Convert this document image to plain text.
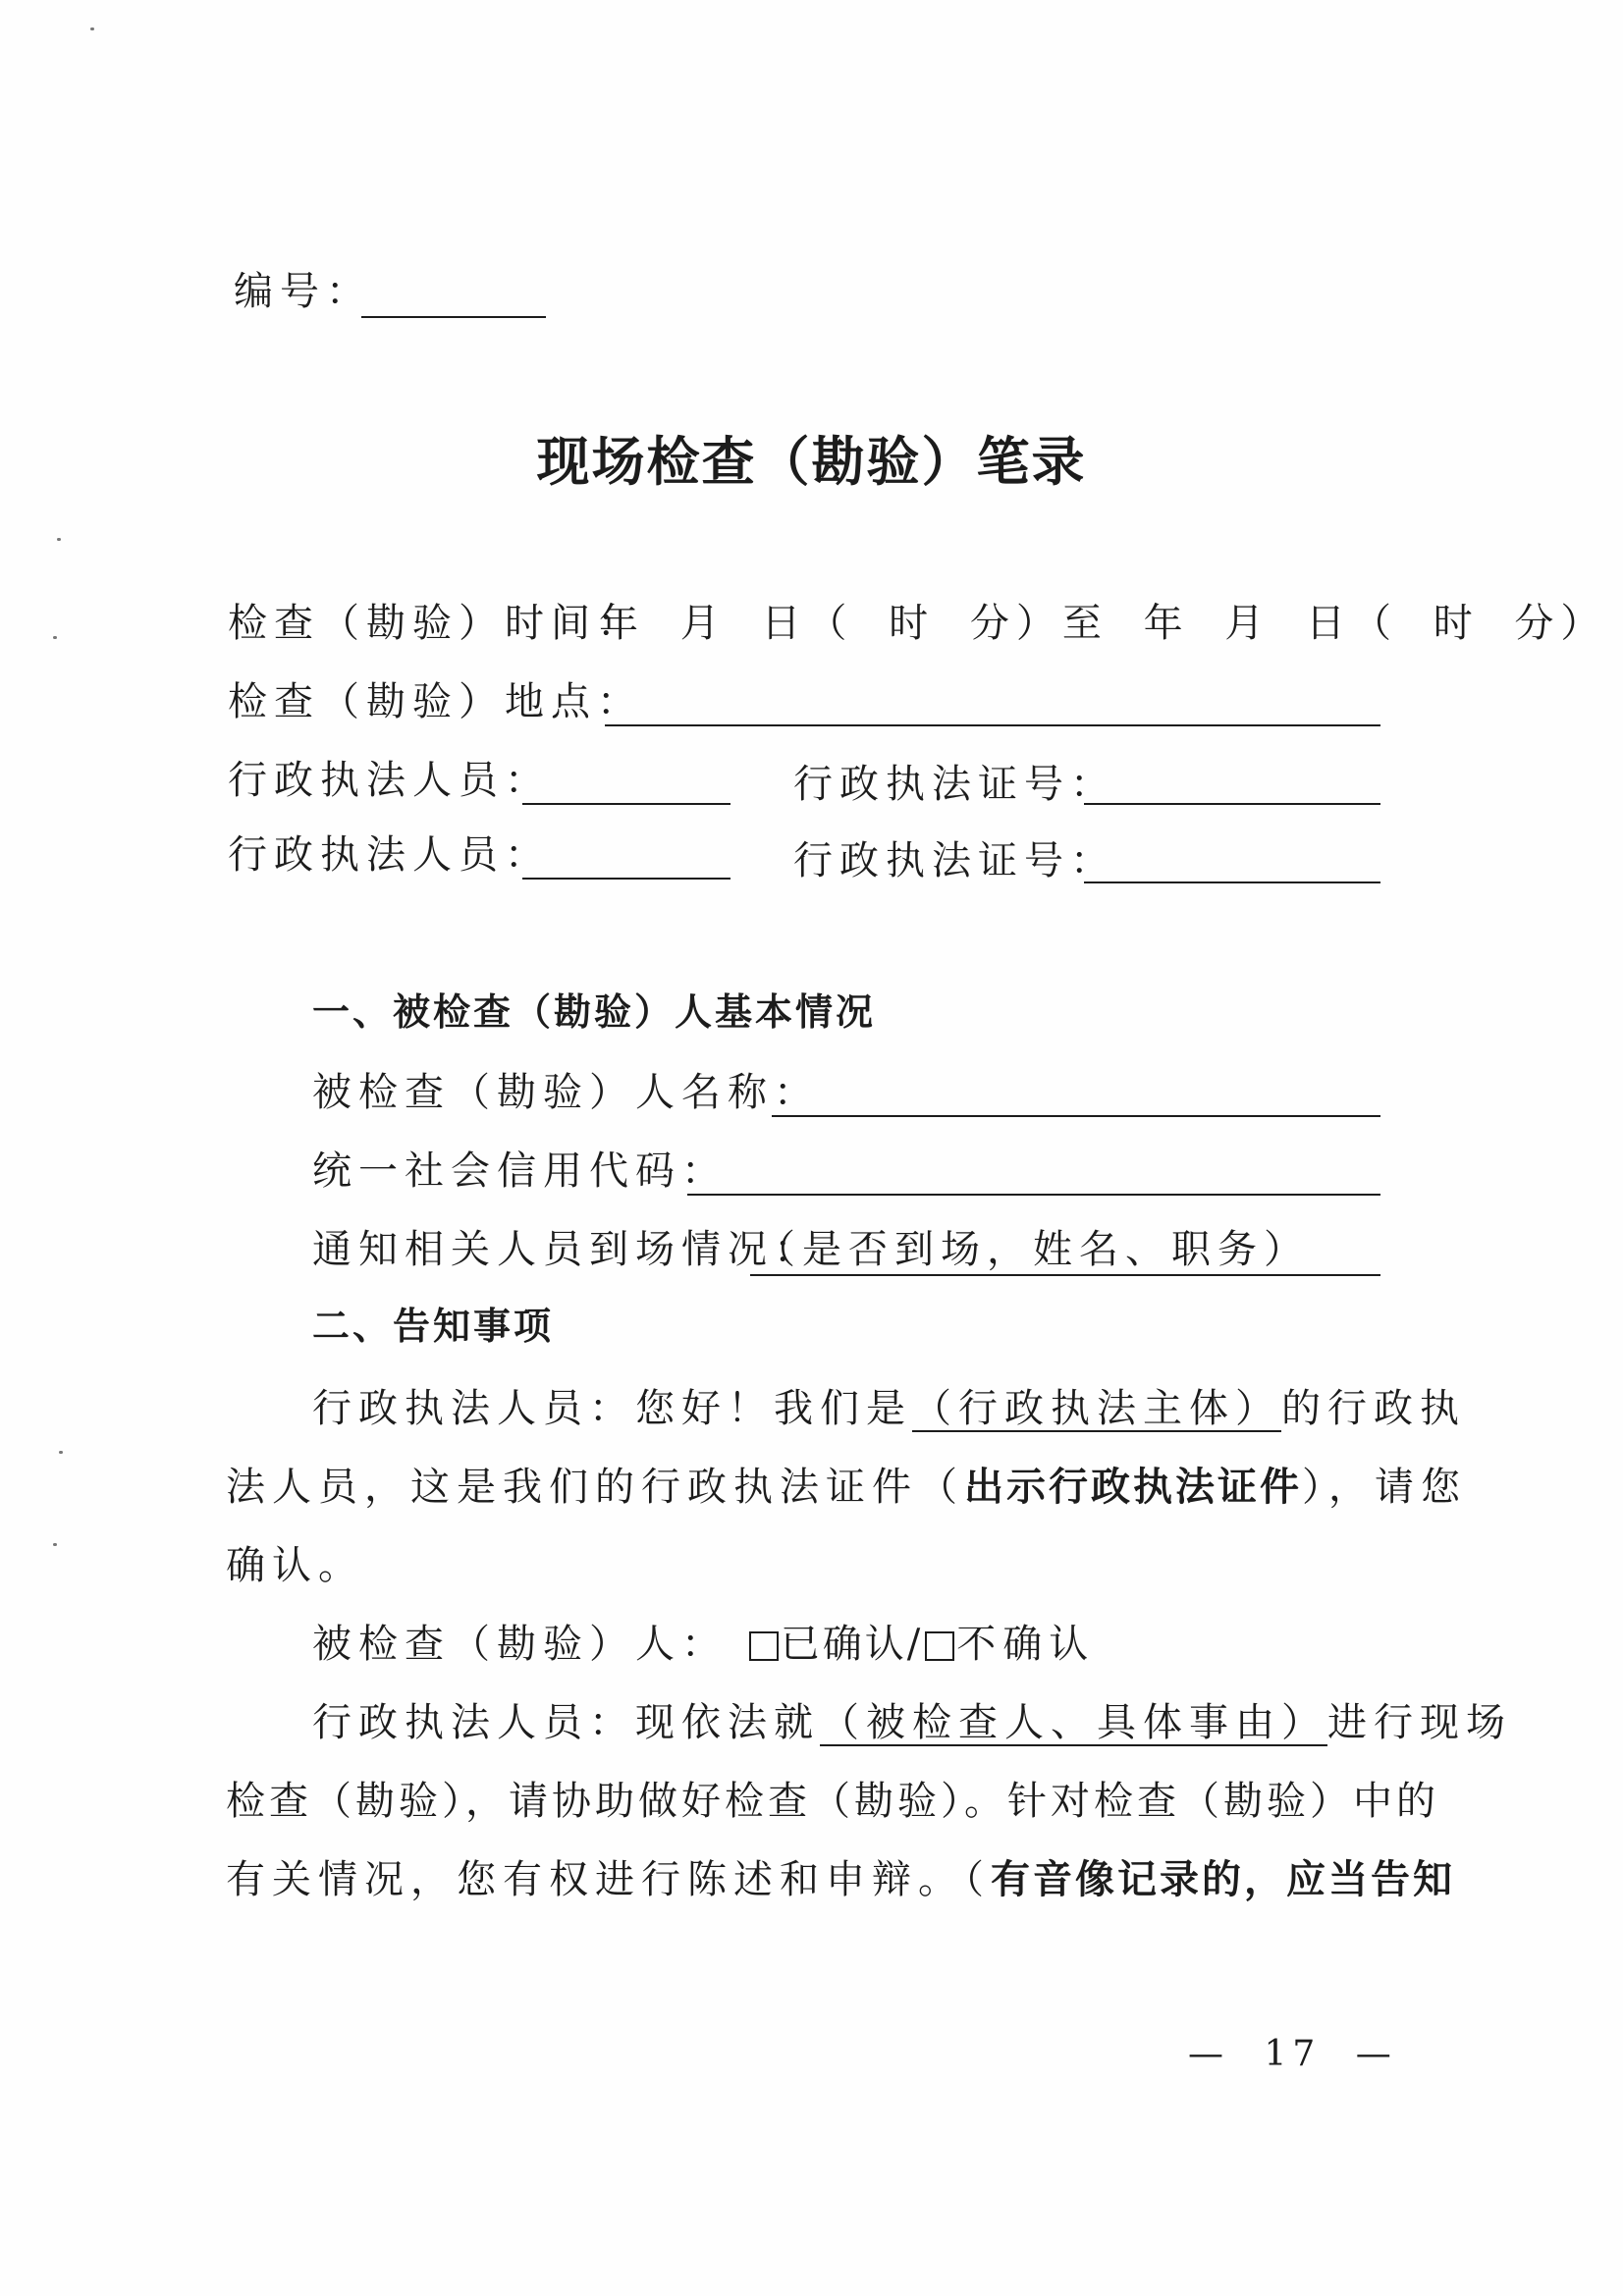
编号：
现场检查（勘验）笔录
检查（勘验）时间：
年 月 日（ 时 分）至 年 月 日（ 时 分）
检查（勘验）地点：
行政执法人员：	行政执法证号：
行政执法人员：	行政执法证号：
一、被检查（勘验）人基本情况
被检查（勘验）人名称：
统一社会信用代码：
通知相关人员到场情况：
（是否到场，姓名、职务）
二、告知事项
行政执法人员：您好！我们是（行政执法主体）的行政执
法人员，这是我们的行政执法证件（出示行政执法证件），请您
确认。
被检查（勘验）人： 已确认/ 不确认
行政执法人员：现依法就（被检查人、具体事由）进行现场
检查（勘验），请协助做好检查（勘验）。针对检查（勘验）中的
有关情况，您有权进行陈述和申辩。（有音像记录的，应当告知
— 17 —
